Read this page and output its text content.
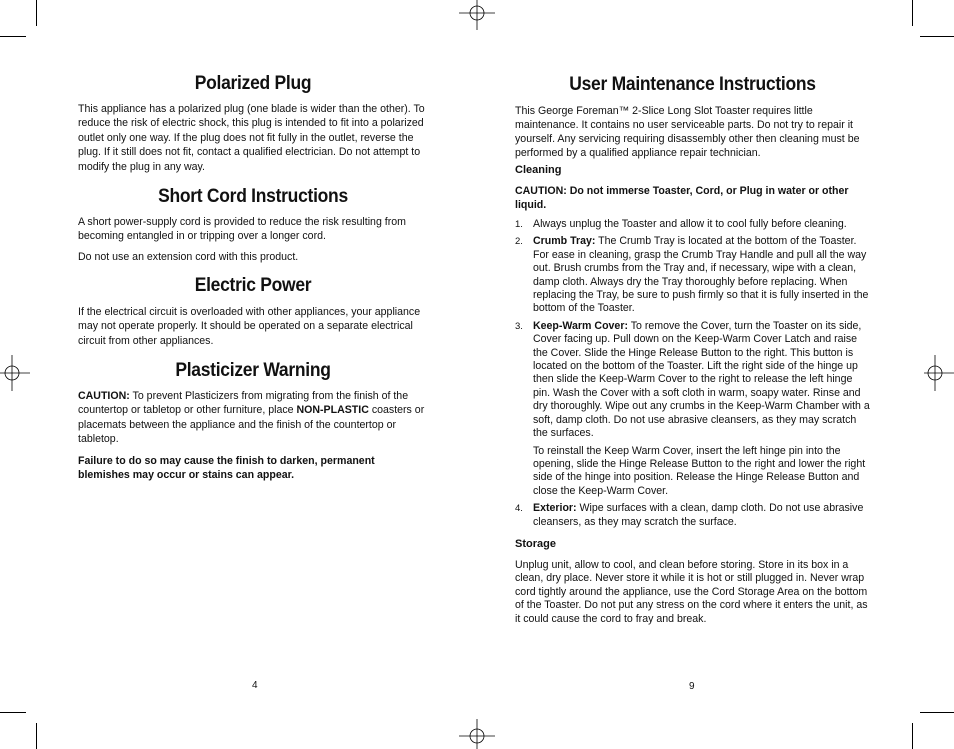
Polarized Plug

This appliance has a polarized plug (one blade is wider than the other). To reduce the risk of electric shock, this plug is intended to fit into a polarized outlet only one way. If the plug does not fit fully in the outlet, reverse the plug. If it still does not fit, contact a qualified electrician. Do not attempt to modify the plug in any way.

Short Cord Instructions

A short power-supply cord is provided to reduce the risk resulting from becoming entangled in or tripping over a longer cord.

Do not use an extension cord with this product.

Electric Power

If the electrical circuit is overloaded with other appliances, your appliance may not operate properly. It should be operated on a separate electrical circuit from other appliances.

Plasticizer Warning

CAUTION: To prevent Plasticizers from migrating from the finish of the countertop or tabletop or other furniture, place NON-PLASTIC coasters or placemats between the appliance and the finish of the countertop or tabletop.

Failure to do so may cause the finish to darken, permanent blemishes may occur or stains can appear.

4
User Maintenance Instructions

This George Foreman™ 2-Slice Long Slot Toaster requires little maintenance. It contains no user serviceable parts. Do not try to repair it yourself. Any servicing requiring disassembly other then cleaning must be performed by a qualified appliance repair technician.

Cleaning

CAUTION: Do not immerse Toaster, Cord, or Plug in water or other liquid.

1. Always unplug the Toaster and allow it to cool fully before cleaning.
2. Crumb Tray: The Crumb Tray is located at the bottom of the Toaster. For ease in cleaning, grasp the Crumb Tray Handle and pull all the way out. Brush crumbs from the Tray and, if necessary, wipe with a clean, damp cloth. Always dry the Tray thoroughly before replacing. When replacing the Tray, be sure to push firmly so that it is fully inserted in the bottom of the Toaster.
3. Keep-Warm Cover: To remove the Cover, turn the Toaster on its side, Cover facing up. Pull down on the Keep-Warm Cover Latch and raise the Cover. Slide the Hinge Release Button to the right. This button is located on the bottom of the Toaster. Lift the right side of the hinge up then slide the Keep-Warm Cover to the right to release the left hinge pin. Wash the Cover with a soft cloth in warm, soapy water. Rinse and dry thoroughly. Wipe out any crumbs in the Keep-Warm Chamber with a soft, damp cloth. Do not use abrasive cleansers, as they may scratch the surfaces.
To reinstall the Keep Warm Cover, insert the left hinge pin into the opening, slide the Hinge Release Button to the right and lower the right side of the hinge into position. Release the Hinge Release Button and close the Keep-Warm Cover.
4. Exterior: Wipe surfaces with a clean, damp cloth. Do not use abrasive cleansers, as they may scratch the surface.
Storage

Unplug unit, allow to cool, and clean before storing. Store in its box in a clean, dry place. Never store it while it is hot or still plugged in. Never wrap cord tightly around the appliance, use the Cord Storage Area on the bottom of the Toaster. Do not put any stress on the cord where it enters the unit, as it could cause the cord to fray and break.

9
